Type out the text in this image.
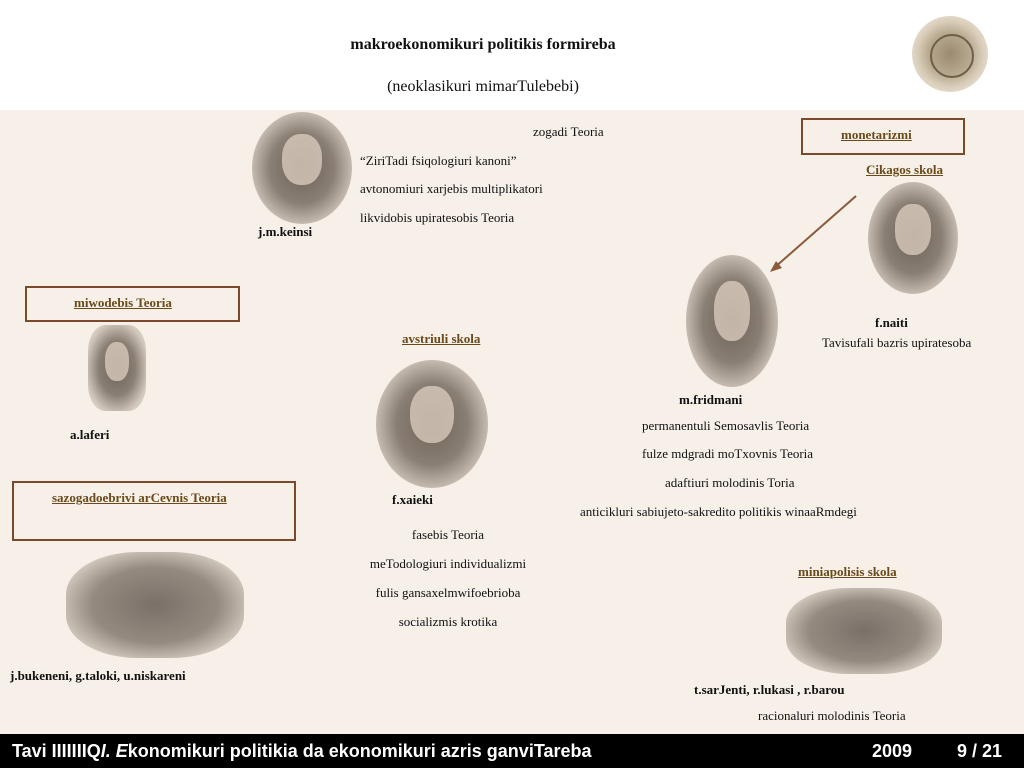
makroekonomikuri politikis formireba
(neoklasikuri mimarTulebebi)
j.m.keinsi
zogadi Teoria
“ZiriTadi fsiqologiuri kanoni”
avtonomiuri xarjebis multiplikatori
likvidobis upiratesobis Teoria
monetarizmi
Cikagos skola
f.naiti
Tavisufali bazris upiratesoba
m.fridmani
permanentuli Semosavlis Teoria
fulze mdgradi moTxovnis Teoria
adaftiuri molodinis Toria
anticikluri sabiujeto-sakredito politikis winaaRmdegi
miwodebis Teoria
a.laferi
avstriuli skola
f.xaieki
fasebis Teoria
meTodologiuri individualizmi
fulis gansaxelmwifoebrioba
socializmis krotika
sazogadoebrivi arCevnis Teoria
j.bukeneni, g.taloki, u.niskareni
miniapolisis skola
t.sarJenti, r.lukasi , r.barou
racionaluri molodinis Teoria
Tavi IIIIIIIQI. Ekonomikuri politikia da ekonomikuri azris ganviTareba	2009 9 / 21
